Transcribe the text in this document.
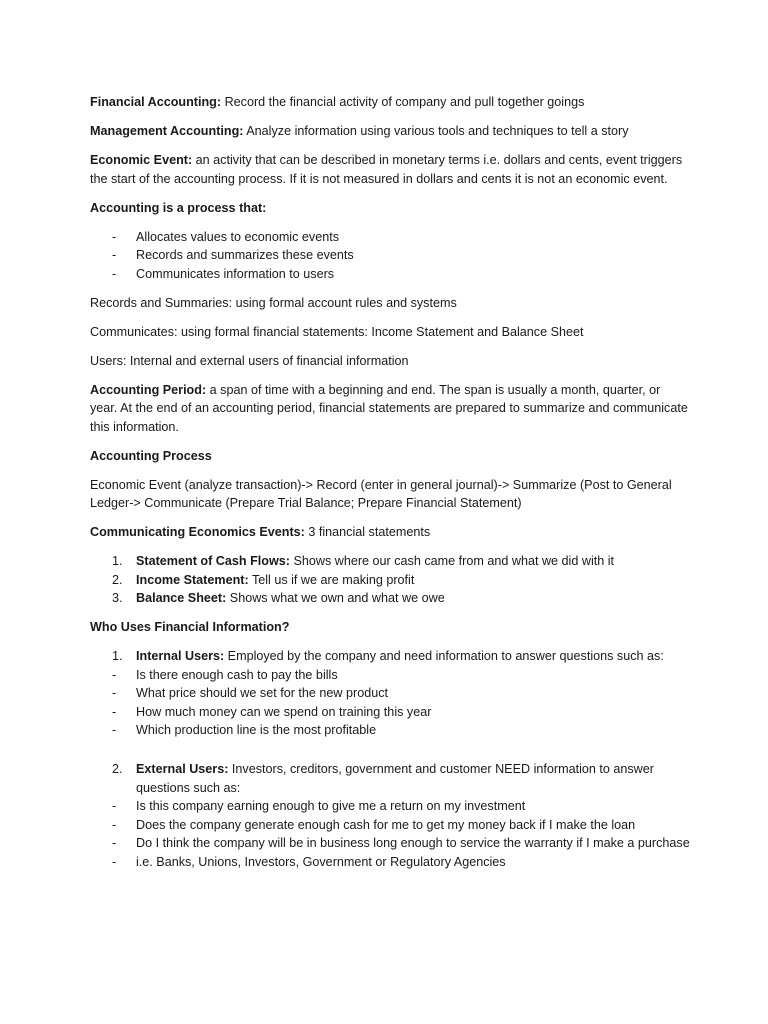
Financial Accounting: Record the financial activity of company and pull together goings

Management Accounting: Analyze information using various tools and techniques to tell a story

Economic Event: an activity that can be described in monetary terms i.e. dollars and cents, event triggers the start of the accounting process. If it is not measured in dollars and cents it is not an economic event.

Accounting is a process that:

- Allocates values to economic events
- Records and summarizes these events
- Communicates information to users

Records and Summaries: using formal account rules and systems

Communicates: using formal financial statements: Income Statement and Balance Sheet

Users: Internal and external users of financial information

Accounting Period: a span of time with a beginning and end. The span is usually a month, quarter, or year. At the end of an accounting period, financial statements are prepared to summarize and communicate this information.

Accounting Process

Economic Event (analyze transaction)-> Record (enter in general journal)-> Summarize (Post to General Ledger-> Communicate (Prepare Trial Balance; Prepare Financial Statement)

Communicating Economics Events: 3 financial statements

1. Statement of Cash Flows: Shows where our cash came from and what we did with it
2. Income Statement: Tell us if we are making profit
3. Balance Sheet: Shows what we own and what we owe

Who Uses Financial Information?

1. Internal Users: Employed by the company and need information to answer questions such as:
- Is there enough cash to pay the bills
- What price should we set for the new product
- How much money can we spend on training this year
- Which production line is the most profitable
2. External Users: Investors, creditors, government and customer NEED information to answer questions such as:
- Is this company earning enough to give me a return on my investment
- Does the company generate enough cash for me to get my money back if I make the loan
- Do I think the company will be in business long enough to service the warranty if I make a purchase
- i.e. Banks, Unions, Investors, Government or Regulatory Agencies
